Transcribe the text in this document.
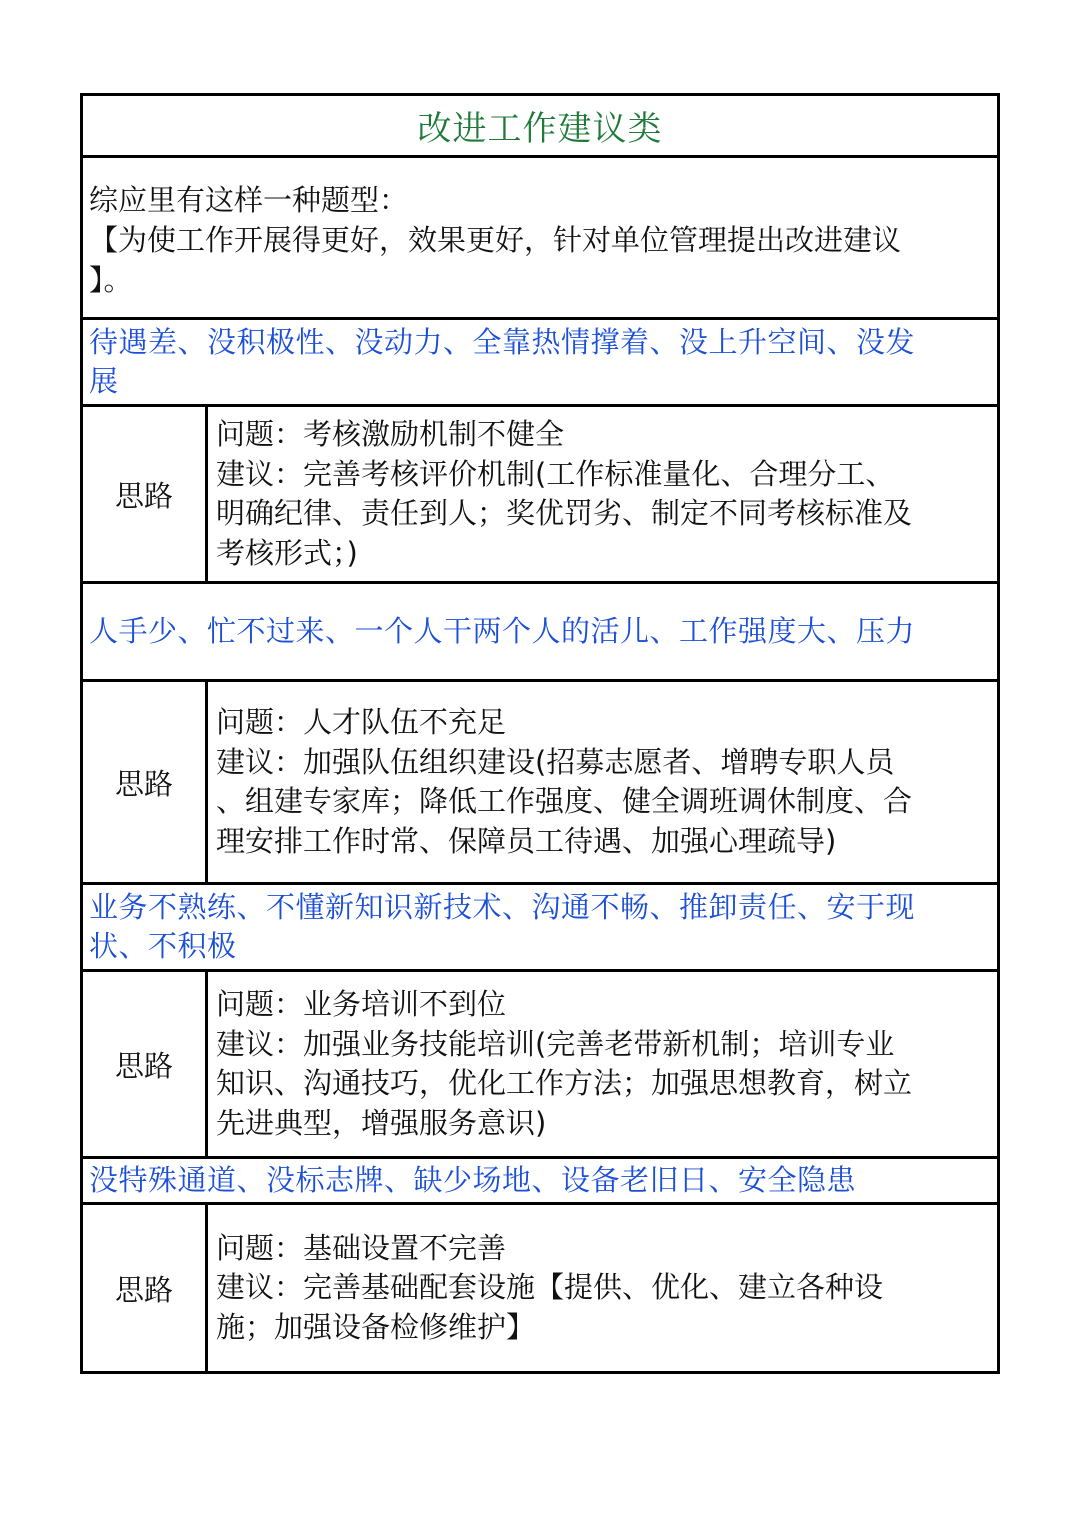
改进工作建议类
综应里有这样一种题型：
【为使工作开展得更好，效果更好，针对单位管理提出改进建议
】。
待遇差、没积极性、没动力、全靠热情撑着、没上升空间、没发
展
思路
问题：考核激励机制不健全
建议：完善考核评价机制(工作标准量化、合理分工、
明确纪律、责任到人；奖优罚劣、制定不同考核标准及
考核形式；)
人手少、忙不过来、一个人干两个人的活儿、工作强度大、压力
思路
问题：人才队伍不充足
建议：加强队伍组织建设(招募志愿者、增聘专职人员
、组建专家库；降低工作强度、健全调班调休制度、合
理安排工作时常、保障员工待遇、加强心理疏导)
业务不熟练、不懂新知识新技术、沟通不畅、推卸责任、安于现
状、不积极
思路
问题：业务培训不到位
建议：加强业务技能培训(完善老带新机制；培训专业
知识、沟通技巧，优化工作方法；加强思想教育，树立
先进典型，增强服务意识)
没特殊通道、没标志牌、缺少场地、设备老旧日、安全隐患
思路
问题：基础设置不完善
建议：完善基础配套设施【提供、优化、建立各种设
施；加强设备检修维护】
